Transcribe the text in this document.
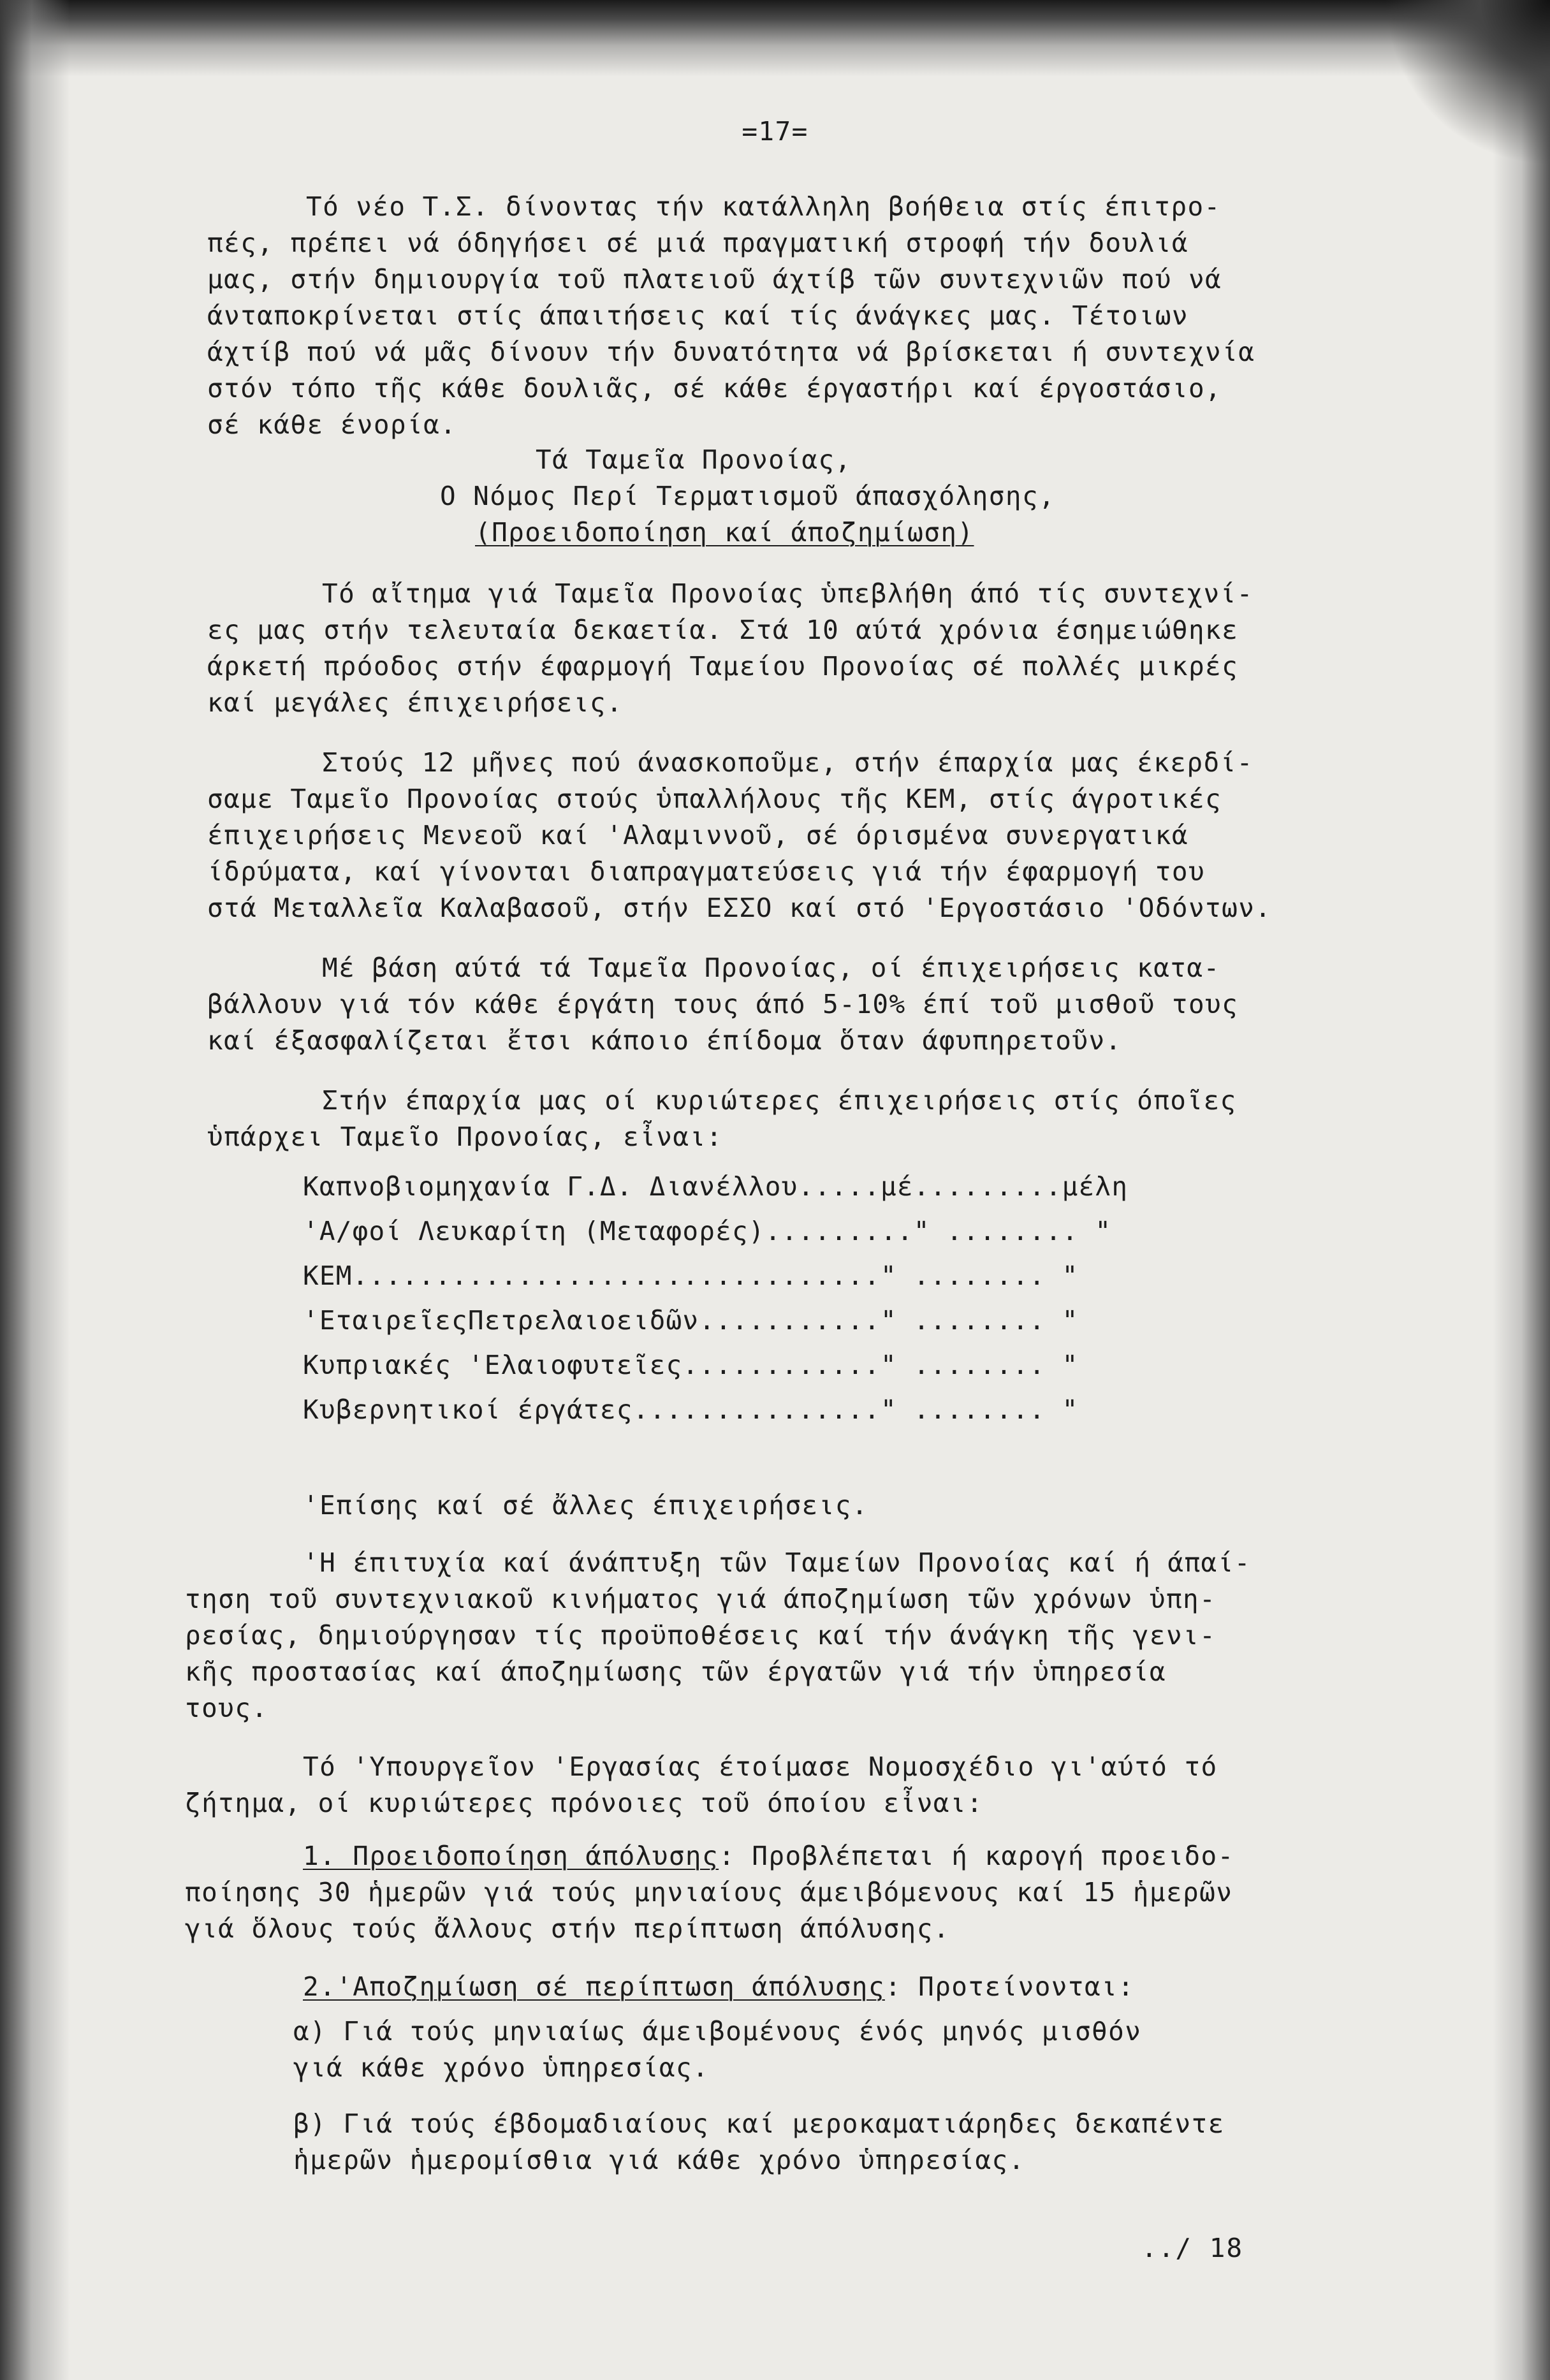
=17=
Τό νέο Τ.Σ. δίνοντας τήν κατάλληλη βοήθεια στίς έπιτρο-
πές, πρέπει νά όδηγήσει σέ μιά πραγματική στροφή τήν δουλιά
μας, στήν δημιουργία τοῦ πλατειοῦ άχτίβ τῶν συντεχνιῶν πού νά
άνταποκρίνεται στίς άπαιτήσεις καί τίς άνάγκες μας. Τέτοιων
άχτίβ πού νά μᾶς δίνουν τήν δυνατότητα νά βρίσκεται ή συντεχνία
στόν τόπο τῆς κάθε δουλιᾶς, σέ κάθε έργαστήρι καί έργοστάσιο,
σέ κάθε ένορία.
Τά Ταμεῖα Προνοίας,
Ο Νόμος Περί Τερματισμοῦ άπασχόλησης,
(Προειδοποίηση καί άποζημίωση)
Τό αἴτημα γιά Ταμεῖα Προνοίας ὑπεβλήθη άπό τίς συντεχνί-
ες μας στήν τελευταία δεκαετία. Στά 10 αύτά χρόνια έσημειώθηκε
άρκετή πρόοδος στήν έφαρμογή Ταμείου Προνοίας σέ πολλές μικρές
καί μεγάλες έπιχειρήσεις.
Στούς 12 μῆνες πού άνασκοποῦμε, στήν έπαρχία μας έκερδί-
σαμε Ταμεῖο Προνοίας στούς ὑπαλλήλους τῆς ΚΕΜ, στίς άγροτικές
έπιχειρήσεις Μενεοῦ καί 'Αλαμιννοῦ, σέ όρισμένα συνεργατικά
ίδρύματα, καί γίνονται διαπραγματεύσεις γιά τήν έφαρμογή του
στά Μεταλλεῖα Καλαβασοῦ, στήν ΕΣΣΟ καί στό 'Εργοστάσιο 'Οδόντων.
Μέ βάση αύτά τά Ταμεῖα Προνοίας, οί έπιχειρήσεις κατα-
βάλλουν γιά τόν κάθε έργάτη τους άπό 5-10% έπί τοῦ μισθοῦ τους
καί έξασφαλίζεται ἔτσι κάποιο έπίδομα ὅταν άφυπηρετοῦν.
Στήν έπαρχία μας οί κυριώτερες έπιχειρήσεις στίς όποῖες
ὑπάρχει Ταμεῖο Προνοίας, εἶναι:
Καπνοβιομηχανία Γ.Δ. Διανέλλου.....μέ.........μέλη
'Α/φοί Λευκαρίτη (Μεταφορές)........." ........ "
ΚΕΜ................................" ........ "
'ΕταιρεῖεςΠετρελαιοειδῶν..........." ........ "
Κυπριακές 'Ελαιοφυτεῖες............" ........ "
Κυβερνητικοί έργάτες..............." ........ "
'Επίσης καί σέ ἄλλες έπιχειρήσεις.
'Η έπιτυχία καί άνάπτυξη τῶν Ταμείων Προνοίας καί ή άπαί-
τηση τοῦ συντεχνιακοῦ κινήματος γιά άποζημίωση τῶν χρόνων ὑπη-
ρεσίας, δημιούργησαν τίς προϋποθέσεις καί τήν άνάγκη τῆς γενι-
κῆς προστασίας καί άποζημίωσης τῶν έργατῶν γιά τήν ὑπηρεσία
τους.
Τό 'Υπουργεῖον 'Εργασίας έτοίμασε Νομοσχέδιο γι'αύτό τό
ζήτημα, οί κυριώτερες πρόνοιες τοῦ όποίου εἶναι:
1. Προειδοποίηση άπόλυσης: Προβλέπεται ή καρογή προειδο-
ποίησης 30 ἡμερῶν γιά τούς μηνιαίους άμειβόμενους καί 15 ἡμερῶν
γιά ὅλους τούς ἄλλους στήν περίπτωση άπόλυσης.
2.'Αποζημίωση σέ περίπτωση άπόλυσης: Προτείνονται:
α) Γιά τούς μηνιαίως άμειβομένους ένός μηνός μισθόν
γιά κάθε χρόνο ὑπηρεσίας.
β) Γιά τούς έβδομαδιαίους καί μεροκαματιάρηδες δεκαπέντε
ἡμερῶν ἡμερομίσθια γιά κάθε χρόνο ὑπηρεσίας.
../ 18
